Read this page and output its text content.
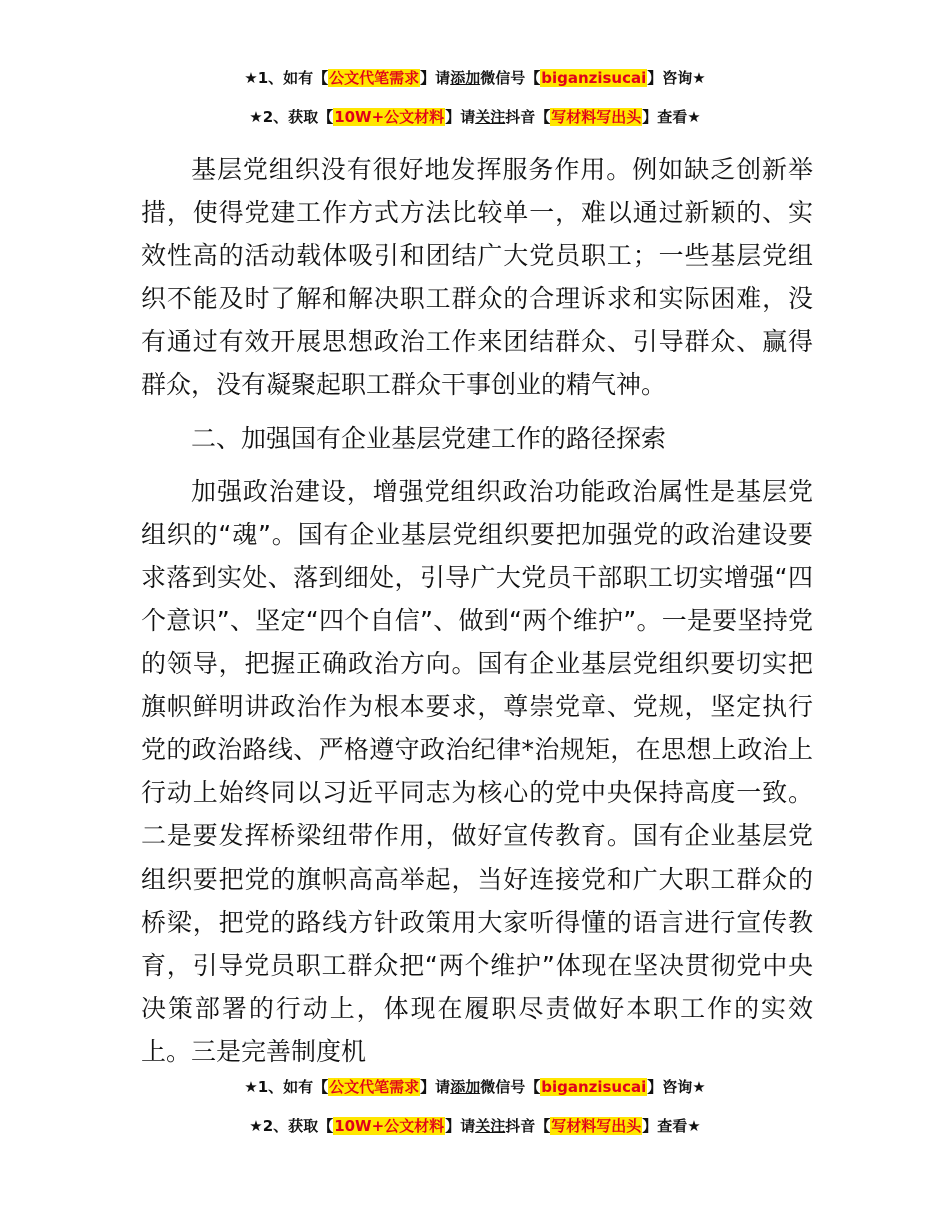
★1、如有【公文代笔需求】请添加微信号【biganzisucai】咨询★
★2、获取【10W+公文材料】请关注抖音【写材料写出头】查看★

基层党组织没有很好地发挥服务作用。例如缺乏创新举措，使得党建工作方式方法比较单一，难以通过新颖的、实效性高的活动载体吸引和团结广大党员职工；一些基层党组织不能及时了解和解决职工群众的合理诉求和实际困难，没有通过有效开展思想政治工作来团结群众、引导群众、赢得群众，没有凝聚起职工群众干事创业的精气神。

二、加强国有企业基层党建工作的路径探索

加强政治建设，增强党组织政治功能政治属性是基层党组织的“魂”。国有企业基层党组织要把加强党的政治建设要求落到实处、落到细处，引导广大党员干部职工切实增强“四个意识”、坚定“四个自信”、做到“两个维护”。一是要坚持党的领导，把握正确政治方向。国有企业基层党组织要切实把旗帜鲜明讲政治作为根本要求，尊崇党章、党规，坚定执行党的政治路线、严格遵守政治纪律*治规矩，在思想上政治上行动上始终同以习近平同志为核心的党中央保持高度一致。二是要发挥桥梁纽带作用，做好宣传教育。国有企业基层党组织要把党的旗帜高高举起，当好连接党和广大职工群众的桥梁，把党的路线方针政策用大家听得懂的语言进行宣传教育，引导党员职工群众把“两个维护”体现在坚决贯彻党中央决策部署的行动上，体现在履职尽责做好本职工作的实效上。三是完善制度机

★1、如有【公文代笔需求】请添加微信号【biganzisucai】咨询★
★2、获取【10W+公文材料】请关注抖音【写材料写出头】查看★
